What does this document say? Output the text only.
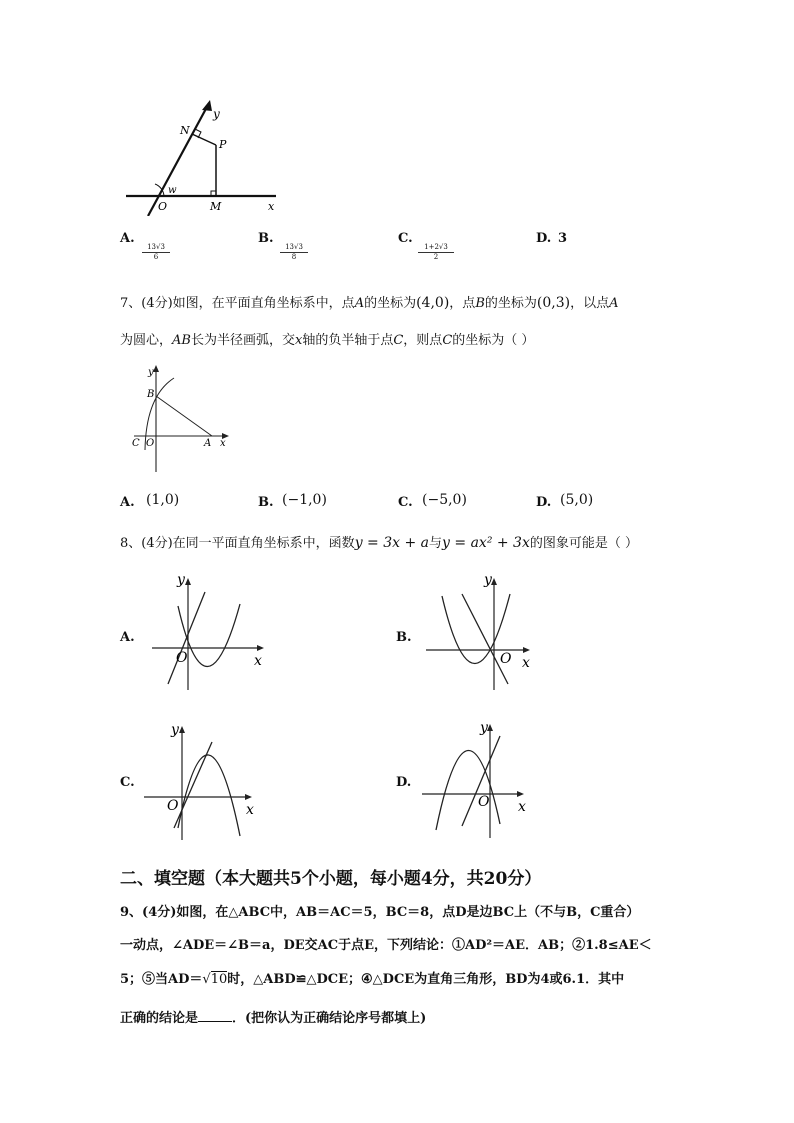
y
N
P
w
O	M	x
A.
$\frac{13√3}{6}$
B.
$\frac{13√3}{8}$
C.
$\frac{1+2√3}{2}$
D. 3
7、(4分)如图，在平面直角坐标系中，点A的坐标为(4,0)，点B的坐标为(0,3)，以点A
为圆心，AB长为半径画弧，交x轴的负半轴于点C，则点C的坐标为（ ）
y
B
C O	A x
A. (1,0)	B. (−1,0)	C. (−5,0)	D. (5,0)
8、(4分)在同一平面直角坐标系中，函数y = 3x + a与y = ax² + 3x的图象可能是（ ）
A.
y
O	x
B.
y
O x
C.
y
O	x
D.
y
O x
二、填空题（本大题共5个小题，每小题4分，共20分）
9、(4分)如图，在△ABC中，AB＝AC＝5，BC＝8，点D是边BC上（不与B，C重合）
一动点，∠ADE＝∠B＝a，DE交AC于点E，下列结论：①AD²＝AE．AB；②1.8≤AE＜
5；⑤当AD＝√10时，△ABD≌△DCE；④△DCE为直角三角形，BD为4或6.1．其中
正确的结论是	．(把你认为正确结论序号都填上)
